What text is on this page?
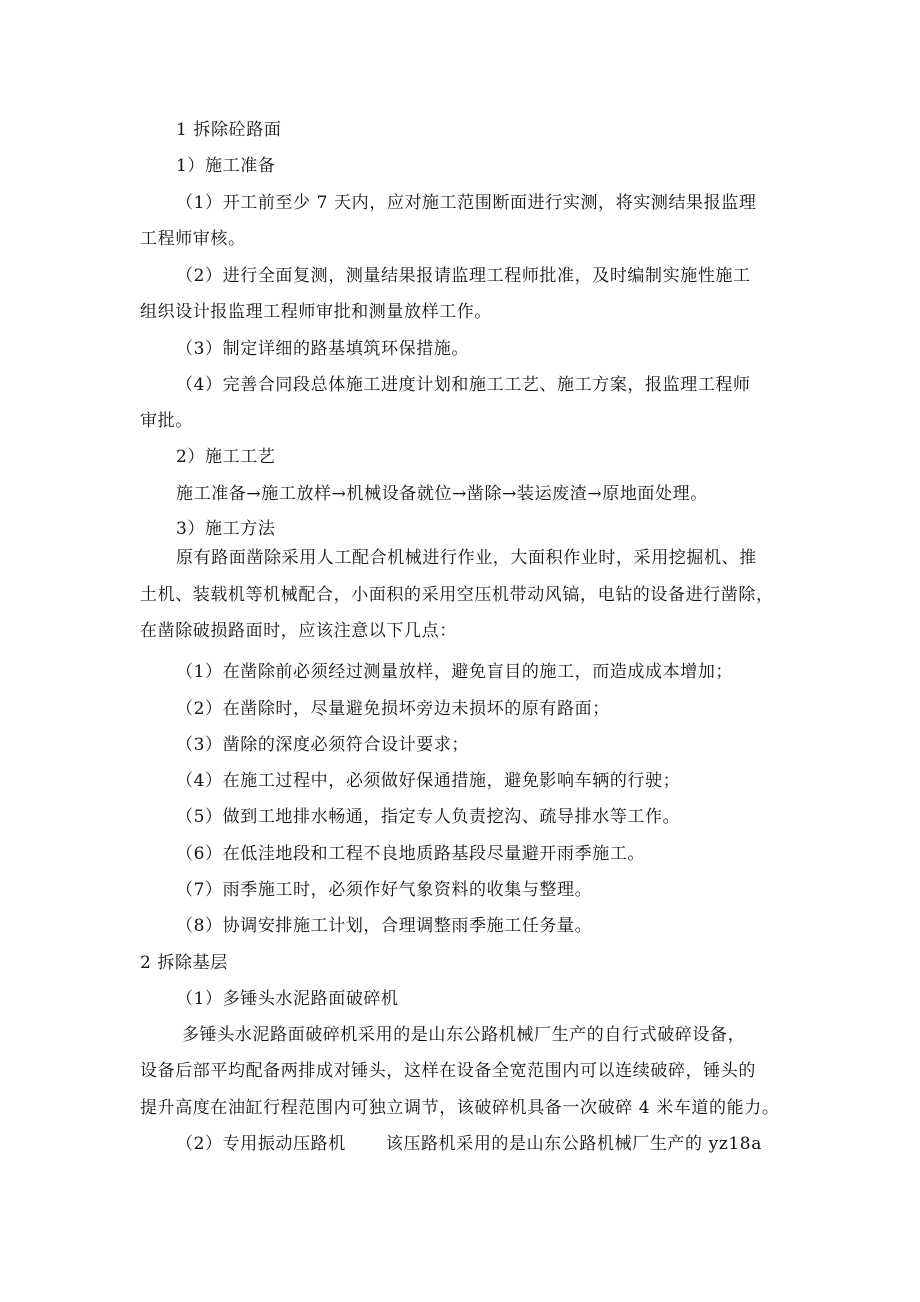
1 拆除砼路面
1）施工准备
（1）开工前至少 7 天内，应对施工范围断面进行实测，将实测结果报监理
工程师审核。
（2）进行全面复测，测量结果报请监理工程师批准，及时编制实施性施工
组织设计报监理工程师审批和测量放样工作。
（3）制定详细的路基填筑环保措施。
（4）完善合同段总体施工进度计划和施工工艺、施工方案，报监理工程师
审批。
2）施工工艺
施工准备→施工放样→机械设备就位→凿除→装运废渣→原地面处理。
3）施工方法
原有路面凿除采用人工配合机械进行作业，大面积作业时，采用挖掘机、推
土机、装载机等机械配合，小面积的采用空压机带动风镐，电钻的设备进行凿除，
在凿除破损路面时，应该注意以下几点：
（1）在凿除前必须经过测量放样，避免盲目的施工，而造成成本增加；
（2）在凿除时，尽量避免损坏旁边未损坏的原有路面；
（3）凿除的深度必须符合设计要求；
（4）在施工过程中，必须做好保通措施，避免影响车辆的行驶；
（5）做到工地排水畅通，指定专人负责挖沟、疏导排水等工作。
（6）在低洼地段和工程不良地质路基段尽量避开雨季施工。
（7）雨季施工时，必须作好气象资料的收集与整理。
（8）协调安排施工计划，合理调整雨季施工任务量。
2 拆除基层
（1）多锤头水泥路面破碎机
多锤头水泥路面破碎机采用的是山东公路机械厂生产的自行式破碎设备，
设备后部平均配备两排成对锤头，这样在设备全宽范围内可以连续破碎，锤头的
提升高度在油缸行程范围内可独立调节，该破碎机具备一次破碎 4 米车道的能力。
（2）专用振动压路机 该压路机采用的是山东公路机械厂生产的 yz18a
